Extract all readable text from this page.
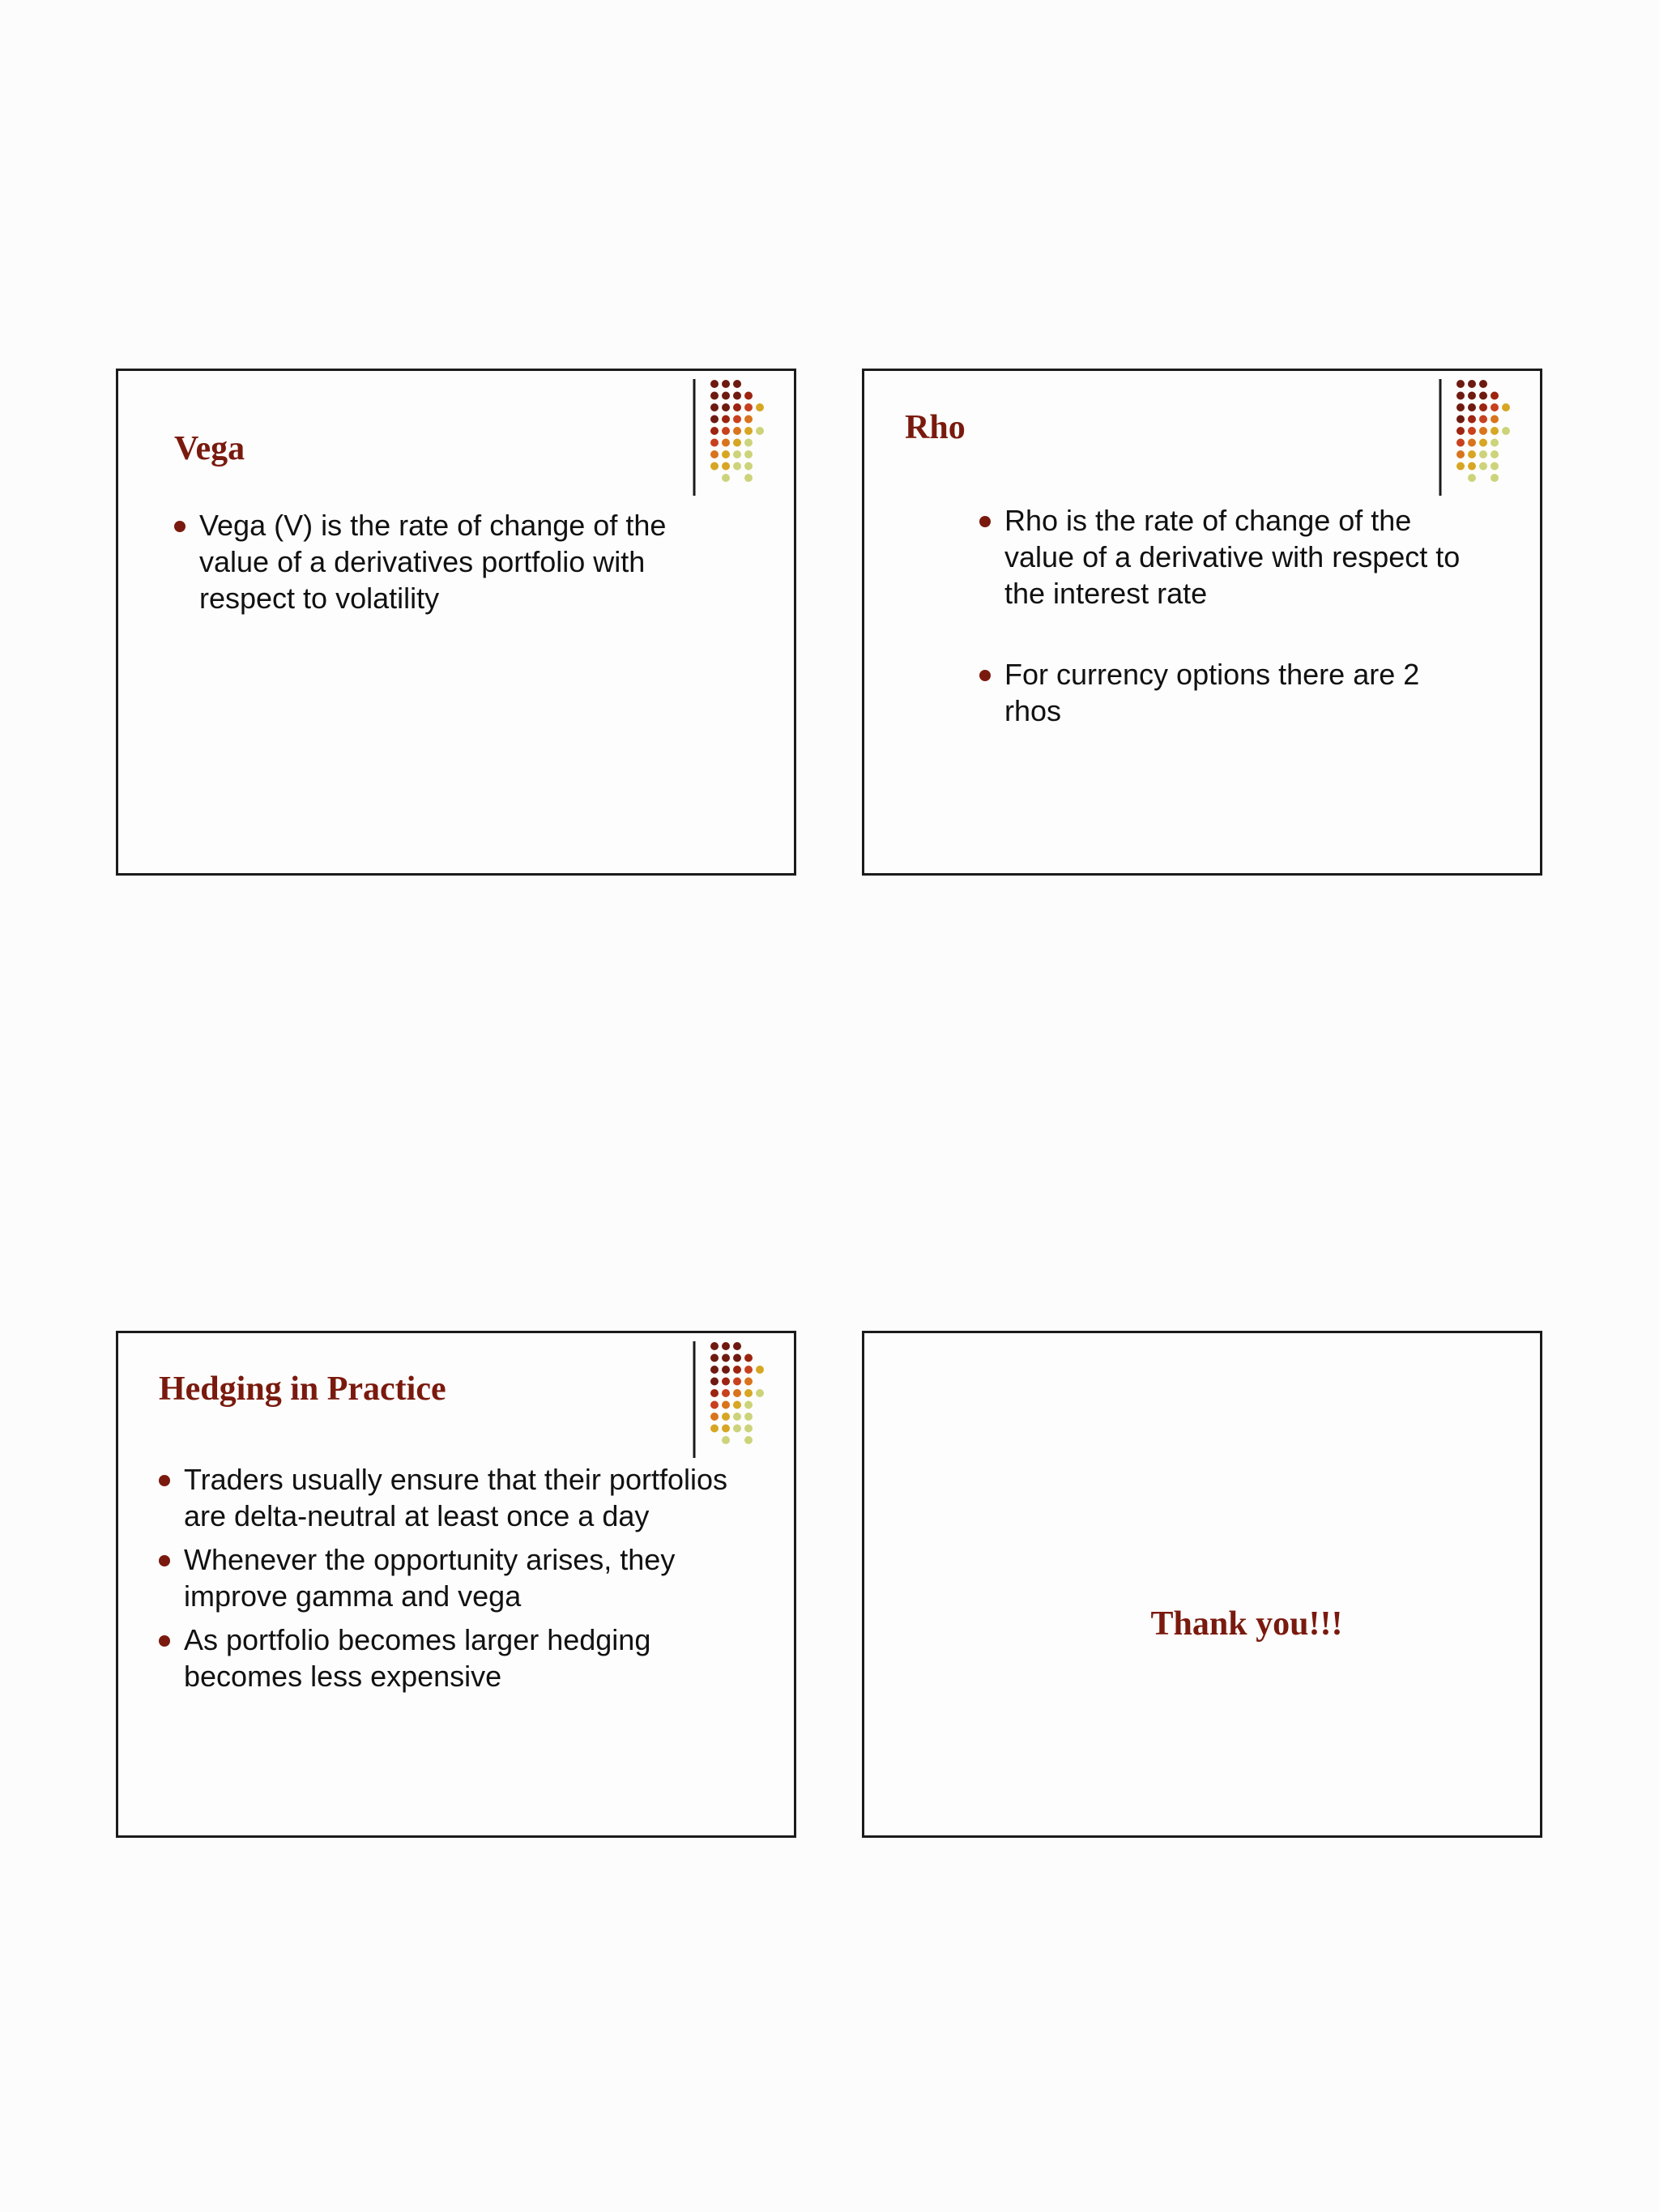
Vega
Vega (V) is the rate of change of the value of a derivatives portfolio with respect to volatility
Rho
Rho is the rate of change of the value of a derivative with respect to the interest rate
For currency options there are 2 rhos
Hedging in Practice
Traders usually ensure that their portfolios are delta-neutral at least once a day
Whenever the opportunity arises, they improve gamma and vega
As portfolio becomes larger hedging becomes less expensive

Thank you!!!
